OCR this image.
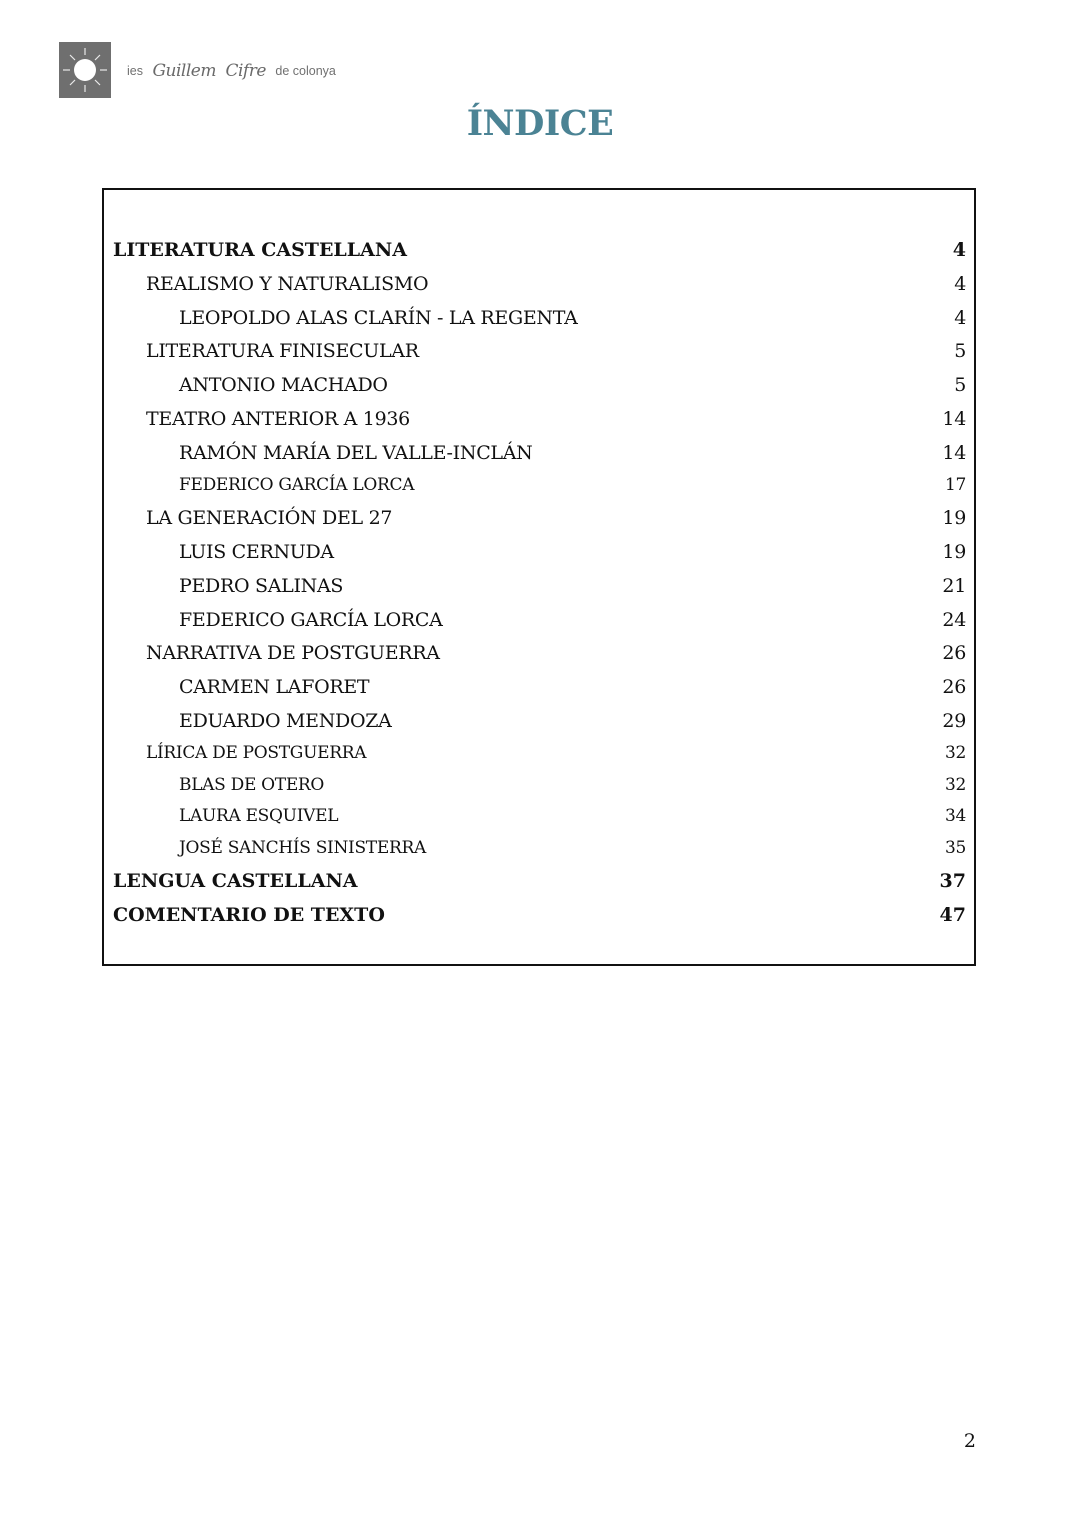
ies Guillem Cifre de colonya
ÍNDICE
LITERATURA CASTELLANA	4
REALISMO Y NATURALISMO	4
LEOPOLDO ALAS CLARÍN - LA REGENTA	4
LITERATURA FINISECULAR	5
ANTONIO MACHADO	5
TEATRO ANTERIOR A 1936	14
RAMÓN MARÍA DEL VALLE-INCLÁN	14
FEDERICO GARCÍA LORCA	17
LA GENERACIÓN DEL 27	19
LUIS CERNUDA	19
PEDRO SALINAS	21
FEDERICO GARCÍA LORCA	24
NARRATIVA DE POSTGUERRA	26
CARMEN LAFORET	26
EDUARDO MENDOZA	29
LÍRICA DE POSTGUERRA	32
BLAS DE OTERO	32
LAURA ESQUIVEL	34
JOSÉ SANCHÍS SINISTERRA	35
LENGUA CASTELLANA	37
COMENTARIO DE TEXTO	47
2
